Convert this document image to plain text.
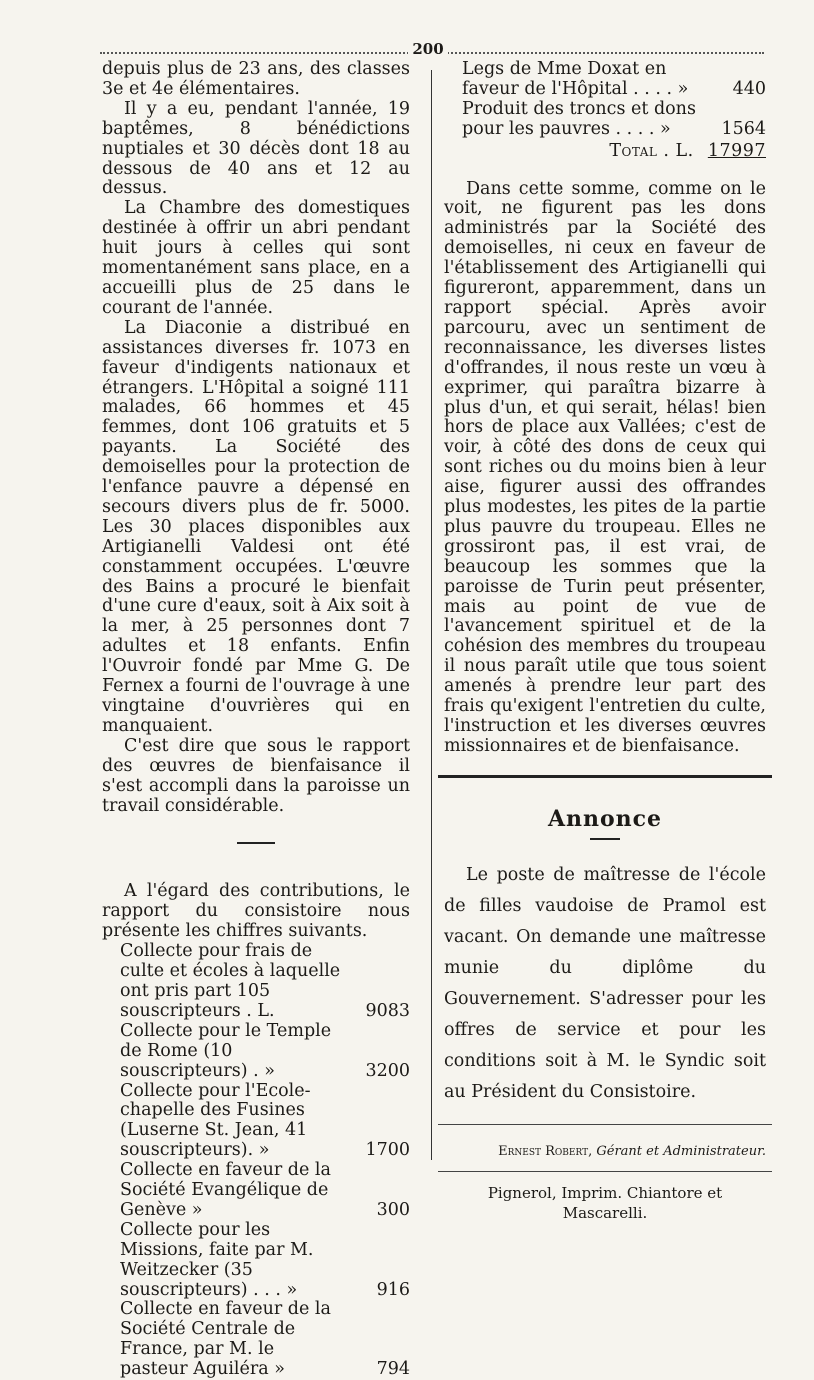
200

depuis plus de 23 ans, des classes 3e et 4e élémentaires.

Il y a eu, pendant l'année, 19 baptêmes, 8 bénédictions nuptiales et 30 décès dont 18 au dessous de 40 ans et 12 au dessus.

La Chambre des domestiques destinée à offrir un abri pendant huit jours à celles qui sont momentanément sans place, en a accueilli plus de 25 dans le courant de l'année.

La Diaconie a distribué en assistances diverses fr. 1073 en faveur d'indigents nationaux et étrangers. L'Hôpital a soigné 111 malades, 66 hommes et 45 femmes, dont 106 gratuits et 5 payants. La Société des demoiselles pour la protection de l'enfance pauvre a dépensé en secours divers plus de fr. 5000. Les 30 places disponibles aux Artigianelli Valdesi ont été constamment occupées. L'œuvre des Bains a procuré le bienfait d'une cure d'eaux, soit à Aix soit à la mer, à 25 personnes dont 7 adultes et 18 enfants. Enfin l'Ouvroir fondé par Mme G. De Fernex a fourni de l'ouvrage à une vingtaine d'ouvrières qui en manquaient.

C'est dire que sous le rapport des œuvres de bienfaisance il s'est accompli dans la paroisse un travail considérable.

A l'égard des contributions, le rapport du consistoire nous présente les chiffres suivants.

Collecte pour frais de culte et écoles à laquelle ont pris part 105 souscripteurs . L.	9083
Collecte pour le Temple de Rome (10 souscripteurs) . »	3200
Collecte pour l'Ecole-chapelle des Fusines (Luserne St. Jean, 41 souscripteurs). »	1700
Collecte en faveur de la Société Evangélique de Genève »	300
Collecte pour les Missions, faite par M. Weitzecker (35 souscripteurs) . . . »	916
Collecte en faveur de la Société Centrale de France, par M. le pasteur Aguiléra »	794
Legs de Mme Doxat en faveur de l'Hôpital . . . . »	440
Produit des troncs et dons pour les pauvres . . . . »	1564
Total . L. 17997

Dans cette somme, comme on le voit, ne figurent pas les dons administrés par la Société des demoiselles, ni ceux en faveur de l'établissement des Artigianelli qui figureront, apparemment, dans un rapport spécial. Après avoir parcouru, avec un sentiment de reconnaissance, les diverses listes d'offrandes, il nous reste un vœu à exprimer, qui paraîtra bizarre à plus d'un, et qui serait, hélas! bien hors de place aux Vallées; c'est de voir, à côté des dons de ceux qui sont riches ou du moins bien à leur aise, figurer aussi des offrandes plus modestes, les pites de la partie plus pauvre du troupeau. Elles ne grossiront pas, il est vrai, de beaucoup les sommes que la paroisse de Turin peut présenter, mais au point de vue de l'avancement spirituel et de la cohésion des membres du troupeau il nous paraît utile que tous soient amenés à prendre leur part des frais qu'exigent l'entretien du culte, l'instruction et les diverses œuvres missionnaires et de bienfaisance.

Annonce

Le poste de maîtresse de l'école de filles vaudoise de Pramol est vacant. On demande une maîtresse munie du diplôme du Gouvernement. S'adresser pour les offres de service et pour les conditions soit à M. le Syndic soit au Président du Consistoire.

Ernest Robert, Gérant et Administrateur.
Pignerol, Imprim. Chiantore et Mascarelli.
